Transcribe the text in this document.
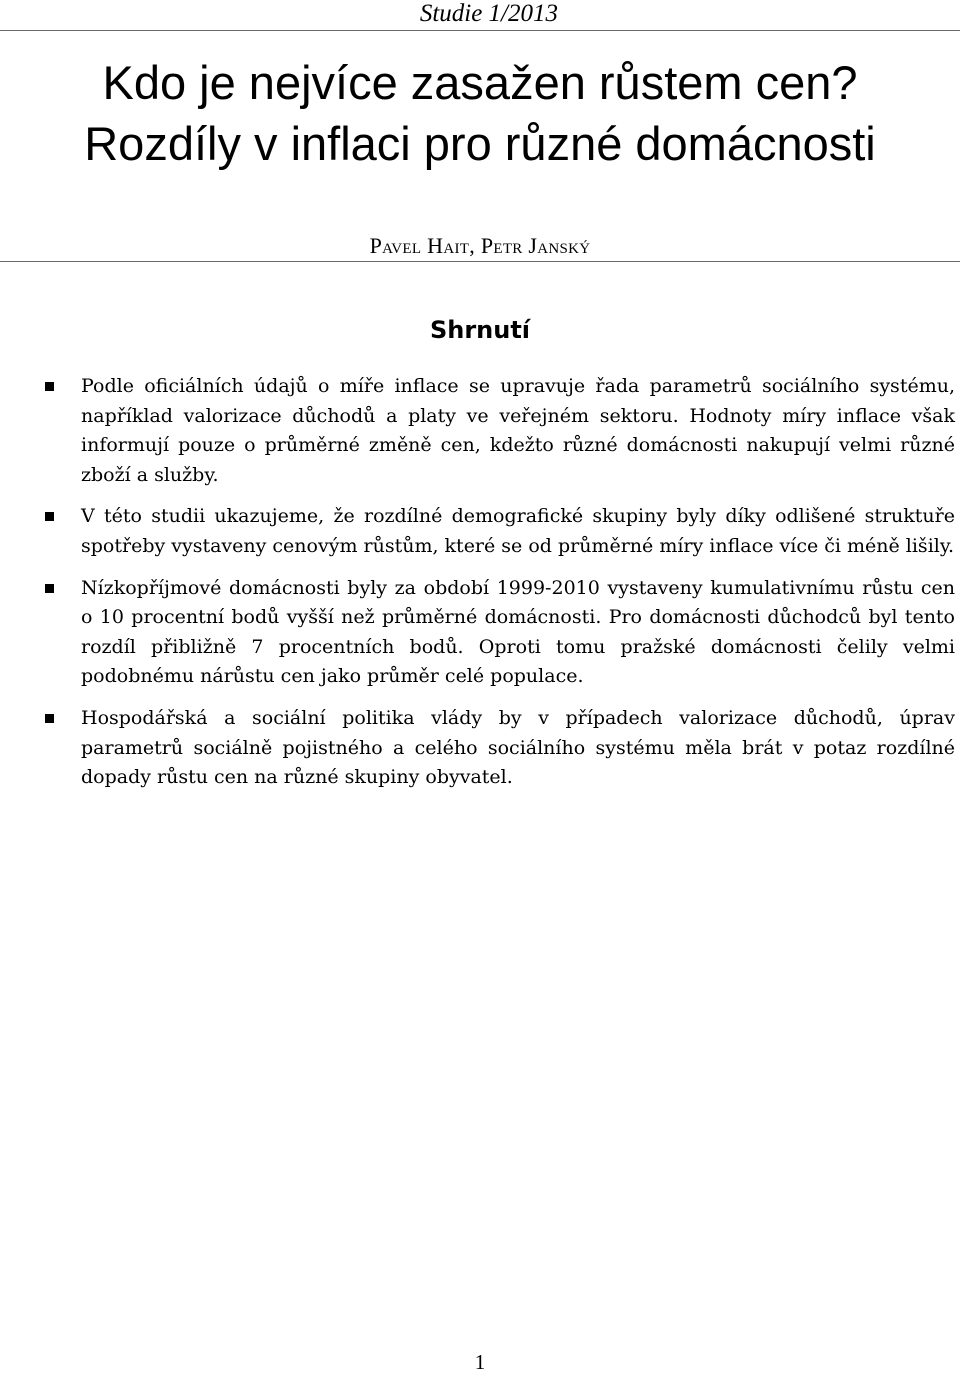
Studie 1/2013
Kdo je nejvíce zasažen růstem cen?
Rozdíly v inflaci pro různé domácnosti
Pavel Hait, Petr Janský
Shrnutí
Podle oficiálních údajů o míře inflace se upravuje řada parametrů sociálního systému, například valorizace důchodů a platy ve veřejném sektoru. Hodnoty míry inflace však informují pouze o průměrné změně cen, kdežto různé domácnosti nakupují velmi různé zboží a služby.
V této studii ukazujeme, že rozdílné demografické skupiny byly díky odlišené struktuře spotřeby vystaveny cenovým růstům, které se od průměrné míry inflace více či méně lišily.
Nízkopříjmové domácnosti byly za období 1999-2010 vystaveny kumulativnímu růstu cen o 10 procentní bodů vyšší než průměrné domácnosti. Pro domácnosti důchodců byl tento rozdíl přibližně 7 procentních bodů. Oproti tomu pražské domácnosti čelily velmi podobnému nárůstu cen jako průměr celé populace.
Hospodářská a sociální politika vlády by v případech valorizace důchodů, úprav parametrů sociálně pojistného a celého sociálního systému měla brát v potaz rozdílné dopady růstu cen na různé skupiny obyvatel.
1
